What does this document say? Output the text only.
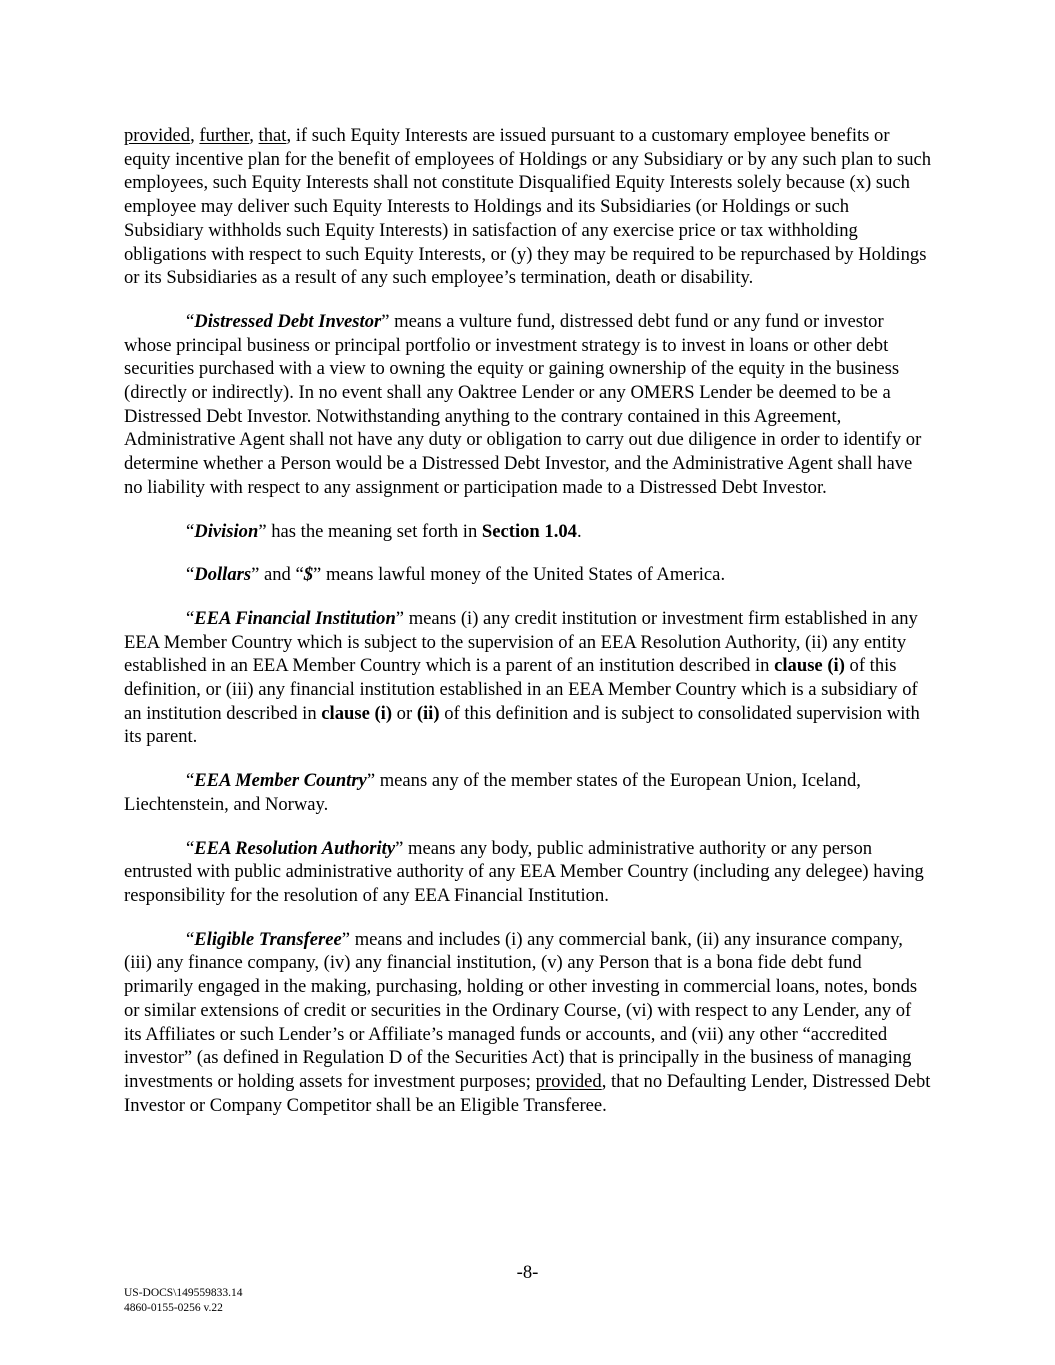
provided, further, that, if such Equity Interests are issued pursuant to a customary employee benefits or equity incentive plan for the benefit of employees of Holdings or any Subsidiary or by any such plan to such employees, such Equity Interests shall not constitute Disqualified Equity Interests solely because (x) such employee may deliver such Equity Interests to Holdings and its Subsidiaries (or Holdings or such Subsidiary withholds such Equity Interests) in satisfaction of any exercise price or tax withholding obligations with respect to such Equity Interests, or (y) they may be required to be repurchased by Holdings or its Subsidiaries as a result of any such employee’s termination, death or disability.

“Distressed Debt Investor” means a vulture fund, distressed debt fund or any fund or investor whose principal business or principal portfolio or investment strategy is to invest in loans or other debt securities purchased with a view to owning the equity or gaining ownership of the equity in the business (directly or indirectly). In no event shall any Oaktree Lender or any OMERS Lender be deemed to be a Distressed Debt Investor. Notwithstanding anything to the contrary contained in this Agreement, Administrative Agent shall not have any duty or obligation to carry out due diligence in order to identify or determine whether a Person would be a Distressed Debt Investor, and the Administrative Agent shall have no liability with respect to any assignment or participation made to a Distressed Debt Investor.

“Division” has the meaning set forth in Section 1.04.

“Dollars” and “$” means lawful money of the United States of America.

“EEA Financial Institution” means (i) any credit institution or investment firm established in any EEA Member Country which is subject to the supervision of an EEA Resolution Authority, (ii) any entity established in an EEA Member Country which is a parent of an institution described in clause (i) of this definition, or (iii) any financial institution established in an EEA Member Country which is a subsidiary of an institution described in clause (i) or (ii) of this definition and is subject to consolidated supervision with its parent.

“EEA Member Country” means any of the member states of the European Union, Iceland, Liechtenstein, and Norway.

“EEA Resolution Authority” means any body, public administrative authority or any person entrusted with public administrative authority of any EEA Member Country (including any delegee) having responsibility for the resolution of any EEA Financial Institution.

“Eligible Transferee” means and includes (i) any commercial bank, (ii) any insurance company, (iii) any finance company, (iv) any financial institution, (v) any Person that is a bona fide debt fund primarily engaged in the making, purchasing, holding or other investing in commercial loans, notes, bonds or similar extensions of credit or securities in the Ordinary Course, (vi) with respect to any Lender, any of its Affiliates or such Lender’s or Affiliate’s managed funds or accounts, and (vii) any other “accredited investor” (as defined in Regulation D of the Securities Act) that is principally in the business of managing investments or holding assets for investment purposes; provided, that no Defaulting Lender, Distressed Debt Investor or Company Competitor shall be an Eligible Transferee.

-8-
US-DOCS\149559833.14
4860-0155-0256 v.22
